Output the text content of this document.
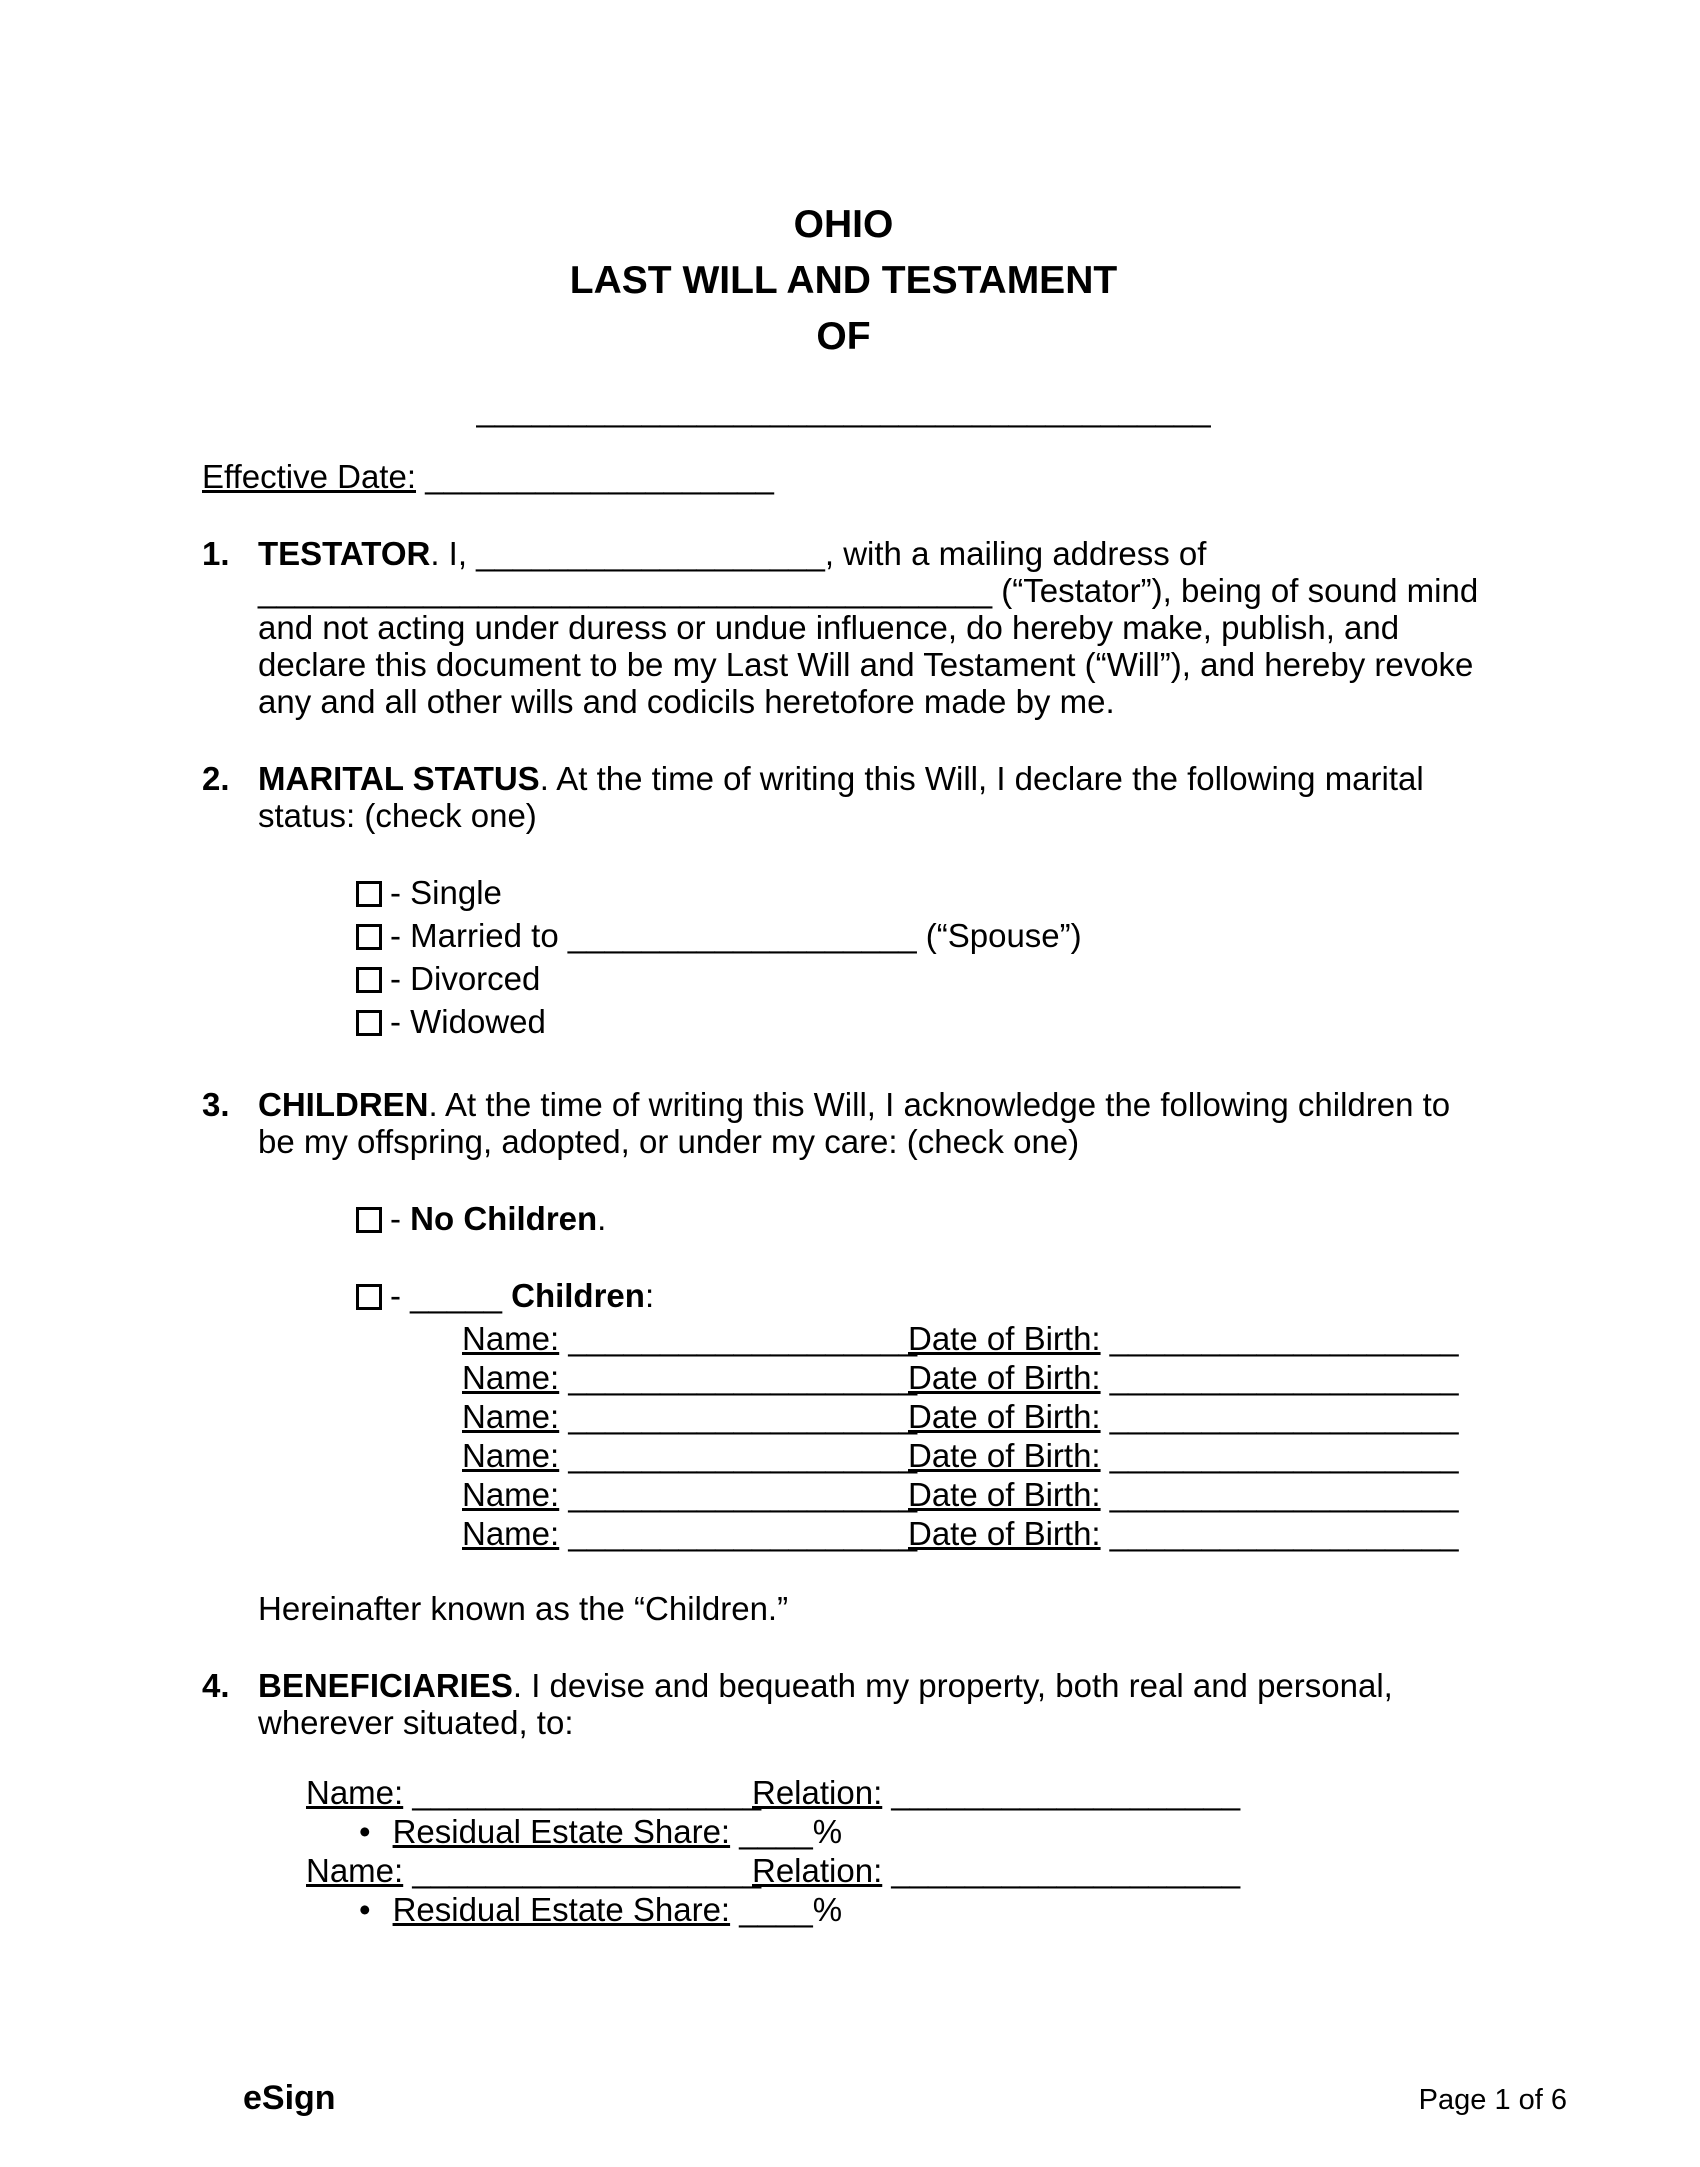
OHIO
LAST WILL AND TESTAMENT
OF
________________________________________
Effective Date: ___________________
1. TESTATOR. I, ___________________, with a mailing address of ________________________________________ (“Testator”), being of sound mind and not acting under duress or undue influence, do hereby make, publish, and declare this document to be my Last Will and Testament (“Will”), and hereby revoke any and all other wills and codicils heretofore made by me.

2. MARITAL STATUS. At the time of writing this Will, I declare the following marital status: (check one)

- Single
- Married to ___________________ (“Spouse”)
- Divorced
- Widowed
3. CHILDREN. At the time of writing this Will, I acknowledge the following children to be my offspring, adopted, or under my care: (check one)

- No Children.
- _____ Children:
Name: ___________________Date of Birth: ___________________
Name: ___________________Date of Birth: ___________________
Name: ___________________Date of Birth: ___________________
Name: ___________________Date of Birth: ___________________
Name: ___________________Date of Birth: ___________________
Name: ___________________Date of Birth: ___________________

Hereinafter known as the “Children.”

4. BENEFICIARIES. I devise and bequeath my property, both real and personal, wherever situated, to:

Name: ___________________Relation: ___________________
• Residual Estate Share: ____%
Name: ___________________Relation: ___________________
• Residual Estate Share: ____%
eSign	Page 1 of 6
